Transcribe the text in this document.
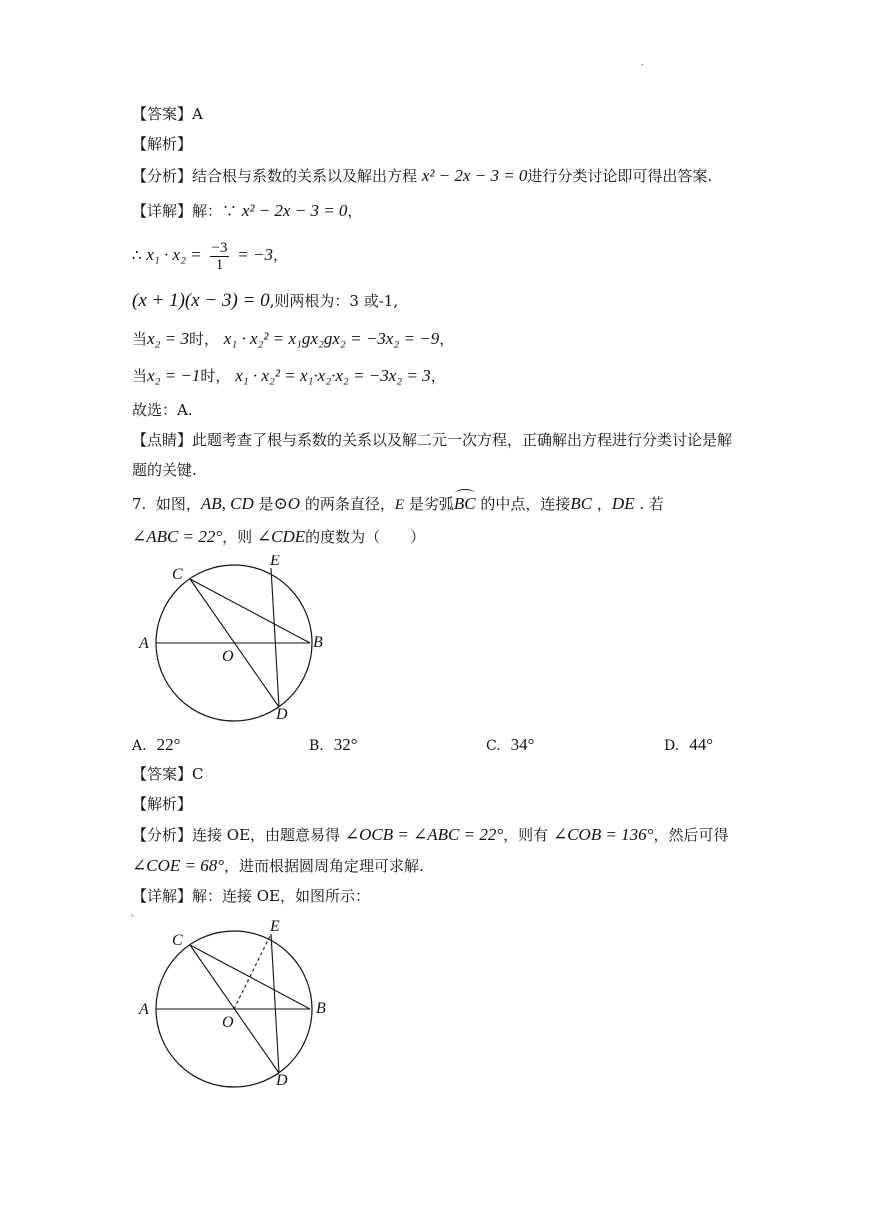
.
【答案】A
【解析】
【分析】结合根与系数的关系以及解出方程 x² − 2x − 3 = 0进行分类讨论即可得出答案.
【详解】解：∵ x² − 2x − 3 = 0，
∴ $x_1 \cdot x_2 = \frac{-3}{1} = -3$，
(x + 1)(x − 3) = 0,则两根为：3 或-1,
当x₂ = 3时， x₁ · x₂² = x₁gx₂gx₂ = −3x₂ = −9，
当x₂ = −1时， x₁ · x₂² = x₁·x₂·x₂ = −3x₂ = 3，
故选：A.
【点睛】此题考查了根与系数的关系以及解二元一次方程，正确解出方程进行分类讨论是解
题的关键.
7. 如图，AB, CD 是⊙O 的两条直径，E 是劣弧BC 的中点，连接BC ，DE . 若
∠ABC = 22°，则 ∠CDE的度数为（　　）
C
E
A	B
O
D
A. 22°	B. 32°	C. 34°	D. 44°
【答案】C
【解析】
【分析】连接 OE，由题意易得 ∠OCB = ∠ABC = 22°，则有 ∠COB = 136°，然后可得
∠COE = 68°，进而根据圆周角定理可求解.
【详解】解：连接 OE，如图所示：
-
C
E
A	B
O
D
